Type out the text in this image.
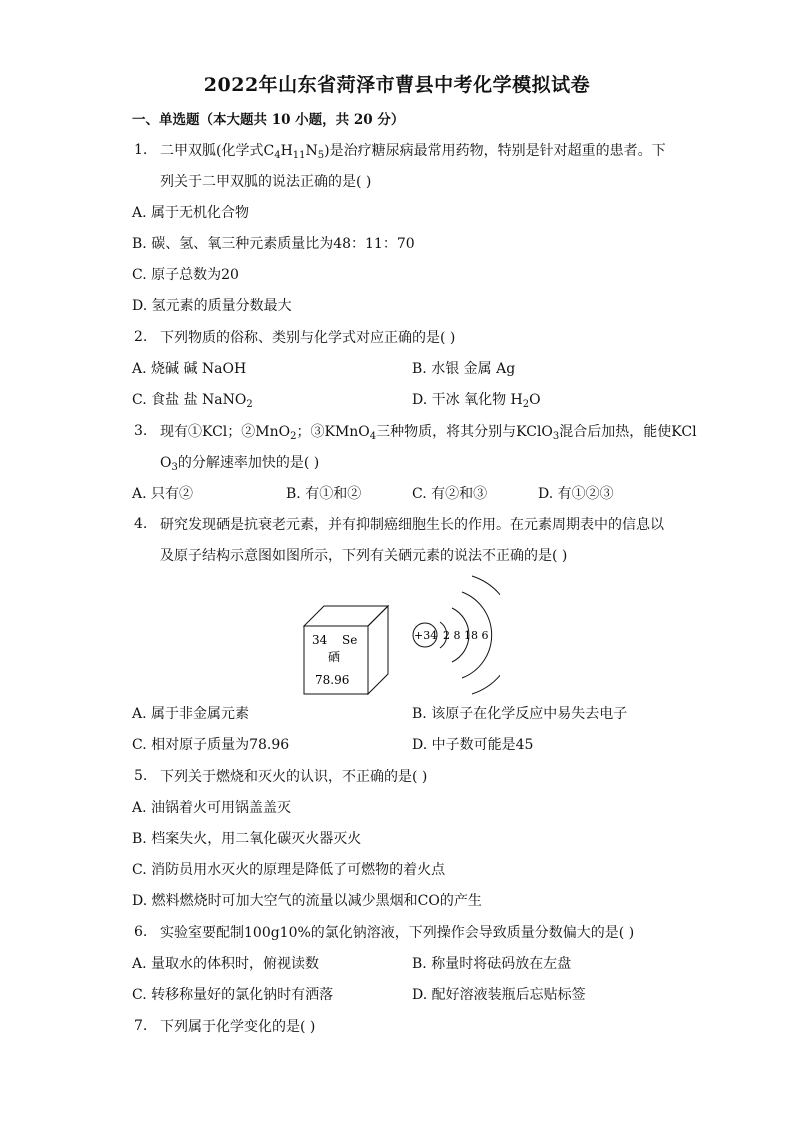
2022年山东省菏泽市曹县中考化学模拟试卷
一、单选题（本大题共 10 小题，共 20 分）
1. 二甲双胍(化学式$C_4H_{11}N_5$)是治疗糖尿病最常用药物，特别是针对超重的患者。下
列关于二甲双胍的说法正确的是( )
A. 属于无机化合物
B. 碳、氢、氧三种元素质量比为48：11：70
C. 原子总数为20
D. 氢元素的质量分数最大
2. 下列物质的俗称、类别与化学式对应正确的是( )
A. 烧碱 碱 NaOH	B. 水银 金属 Ag
C. 食盐 盐 NaNO$_2$	D. 干冰 氧化物 $H_2O$
3. 现有①KCl；②MnO$_2$；③KMnO$_4$三种物质，将其分别与KClO$_3$混合后加热，能使KCl
$O_3$的分解速率加快的是( )
A. 只有②	B. 有①和②	C. 有②和③	D. 有①②③
4. 研究发现硒是抗衰老元素，并有抑制癌细胞生长的作用。在元素周期表中的信息以
及原子结构示意图如图所示，下列有关硒元素的说法不正确的是( )
34 Se
硒
78.96
+34 2 8 18 6
A. 属于非金属元素	B. 该原子在化学反应中易失去电子
C. 相对原子质量为78.96	D. 中子数可能是45
5. 下列关于燃烧和灭火的认识，不正确的是( )
A. 油锅着火可用锅盖盖灭
B. 档案失火，用二氧化碳灭火器灭火
C. 消防员用水灭火的原理是降低了可燃物的着火点
D. 燃料燃烧时可加大空气的流量以减少黑烟和CO的产生
6. 实验室要配制100g10%的氯化钠溶液，下列操作会导致质量分数偏大的是( )
A. 量取水的体积时，俯视读数	B. 称量时将砝码放在左盘
C. 转移称量好的氯化钠时有洒落	D. 配好溶液装瓶后忘贴标签
7. 下列属于化学变化的是( )
